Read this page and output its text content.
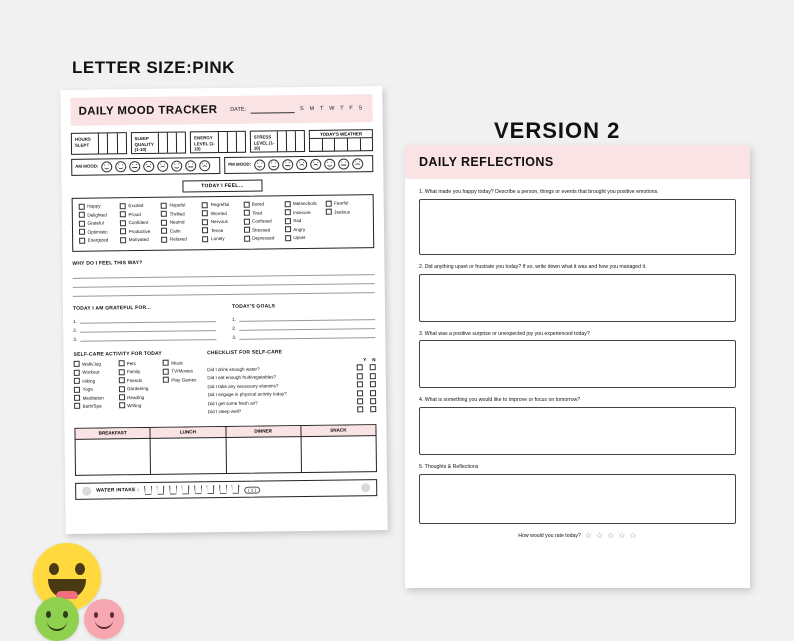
LETTER SIZE:PINK
VERSION 2
DAILY MOOD TRACKER DATE:	S M T W T F S
HOURS SLEPT
SLEEP QUALITY (1-10)
ENERGY LEVEL (1-10)
STRESS LEVEL (1-10)
TODAY'S WEATHER
AM MOOD:	PM MOOD:
TODAY I FEEL...
Happy
Delighted
Grateful
Optimistic
Energized
Excited
Proud
Confident
Productive
Motivated
Hopeful
Thrilled
Neutral
Calm
Relaxed
Regretful
Worried
Nervous
Tense
Lonely
Bored
Tired
Confused
Stressed
Depressed
Melancholic
Insecure
Sad
Angry
Upset
Fearful
Jealous
WHY DO I FEEL THIS WAY?
TODAY I AM GRATEFUL FOR...
1.
2.
3.
TODAY'S GOALS
1.
2.
3.
SELF-CARE ACTIVITY FOR TODAY
Walk/Jog
Workout
Hiking
Yoga
Meditation
Bath/Spa
Pets
Family
Friends
Gardening
Reading
Writing
Music
TV/Movies
Play Games
CHECKLIST FOR SELF-CARE
Y N
Did I drink enough water?
Did I eat enough fruit/vegetables?
Did I take any necessary vitamins?
Did I engage in physical activity today?
Did I get some fresh air?
Did I sleep well?
BREAKFAST	LUNCH	DINNER	SNACK
WATER INTAKE :	( 1 )
DAILY REFLECTIONS
1. What made you happy today? Describe a person, things or events that brought you positive emotions.
2. Did anything upset or frustrate you today? If so, write down what it was and how you managed it.
3. What was a positive surprise or unexpected joy you experienced today?
4. What is something you would like to improve or focus on tomorrow?
5. Thoughts & Reflections
How would you rate today? ☆ ☆ ☆ ☆ ☆
